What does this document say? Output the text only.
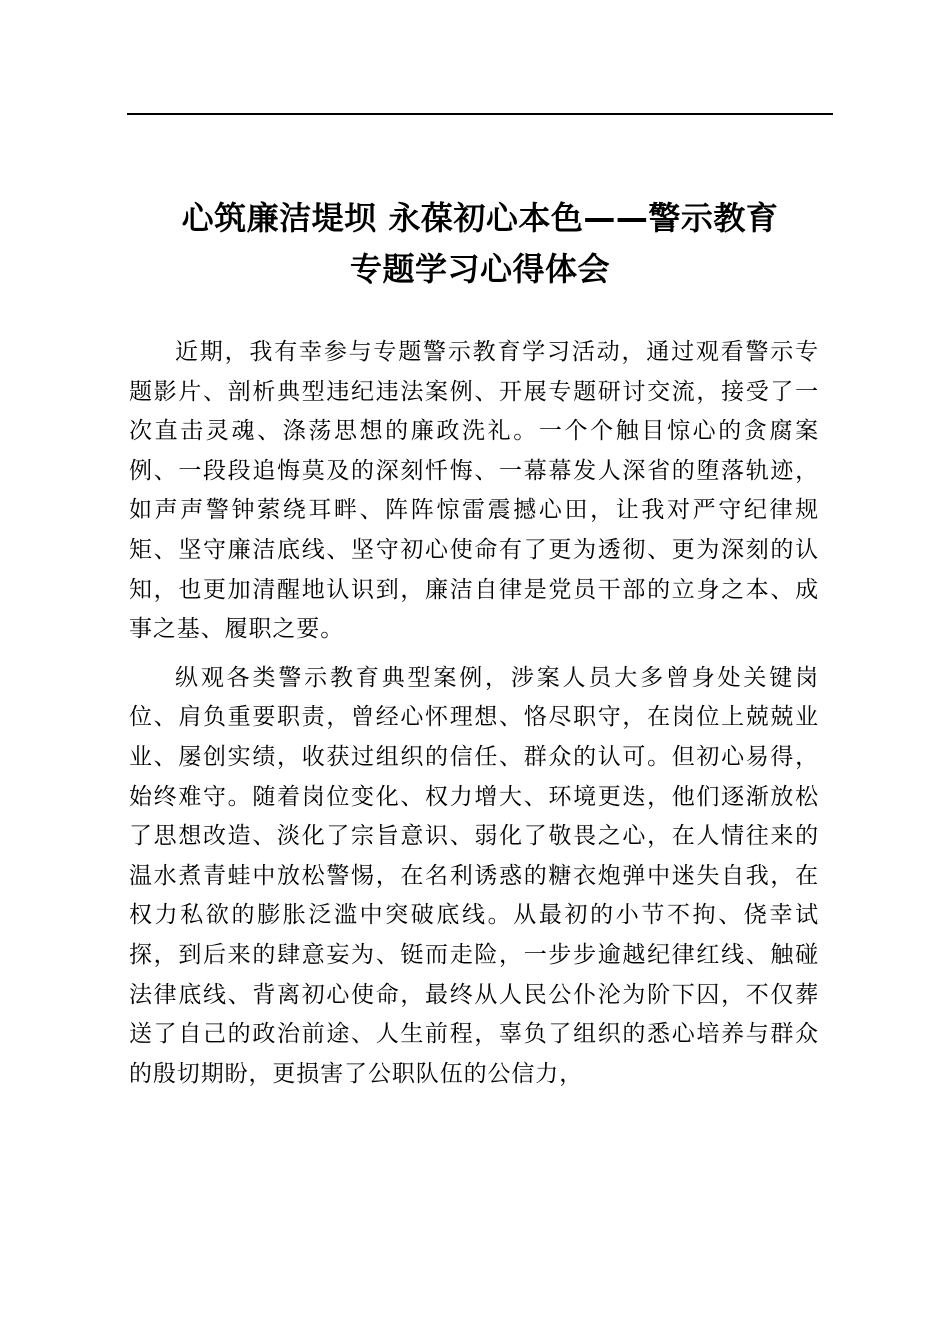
心筑廉洁堤坝 永葆初心本色——警示教育
专题学习心得体会

近期，我有幸参与专题警示教育学习活动，通过观看警示专题影片、剖析典型违纪违法案例、开展专题研讨交流，接受了一次直击灵魂、涤荡思想的廉政洗礼。一个个触目惊心的贪腐案例、一段段追悔莫及的深刻忏悔、一幕幕发人深省的堕落轨迹，如声声警钟萦绕耳畔、阵阵惊雷震撼心田，让我对严守纪律规矩、坚守廉洁底线、坚守初心使命有了更为透彻、更为深刻的认知，也更加清醒地认识到，廉洁自律是党员干部的立身之本、成事之基、履职之要。

纵观各类警示教育典型案例，涉案人员大多曾身处关键岗位、肩负重要职责，曾经心怀理想、恪尽职守，在岗位上兢兢业业、屡创实绩，收获过组织的信任、群众的认可。但初心易得，始终难守。随着岗位变化、权力增大、环境更迭，他们逐渐放松了思想改造、淡化了宗旨意识、弱化了敬畏之心，在人情往来的温水煮青蛙中放松警惕，在名利诱惑的糖衣炮弹中迷失自我，在权力私欲的膨胀泛滥中突破底线。从最初的小节不拘、侥幸试探，到后来的肆意妄为、铤而走险，一步步逾越纪律红线、触碰法律底线、背离初心使命，最终从人民公仆沦为阶下囚，不仅葬送了自己的政治前途、人生前程，辜负了组织的悉心培养与群众的殷切期盼，更损害了公职队伍的公信力，
